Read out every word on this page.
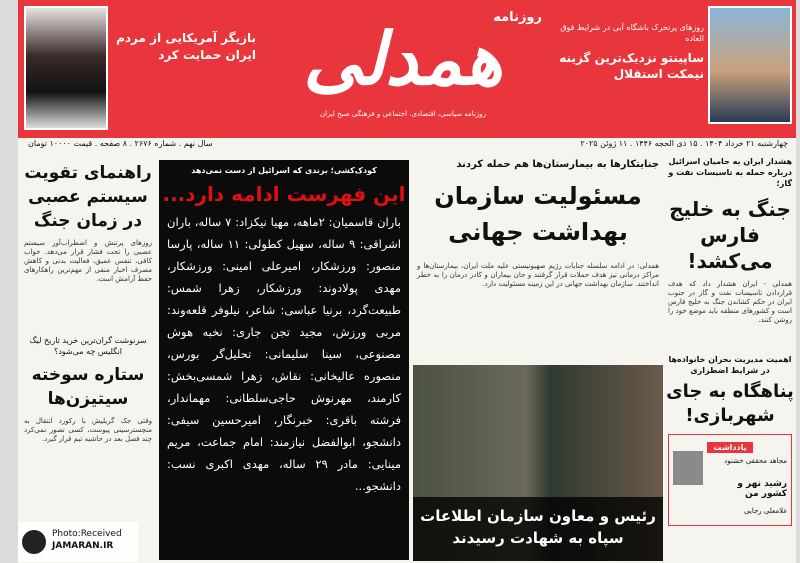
روزهای پرتحرک باشگاه آبی در شرایط فوق العاده
ساپینتو نزدیک‌ترین گزینه نیمکت استقلال
روزنامه
همدلی
روزنامه سیاسی، اقتصادی، اجتماعی و فرهنگی صبح ایران
بازیگر آمریکایی از مردم ایران حمایت کرد
چهارشنبه ۲۱ خرداد ۱۴۰۴ . ۱۵ ذی الحجه ۱۴۴۶ . ۱۱ ژوئن ۲۰۲۵
سال نهم . شماره ۲۶۷۶ . ۸ صفحه . قیمت ۱۰۰۰۰ تومان
هشدار ایران به حامیان اسرائیل درباره حمله به تاسیسات نفت و گاز؛
جنگ به خلیج فارس می‌کشد!
همدلی - ایران هشدار داد که هدف قراردادن تاسیسات نفت و گاز در جنوب ایران در حکم کشاندن جنگ به خلیج فارس است و کشورهای منطقه باید موضع خود را روشن کنند.
اهمیت مدیریت بحران خانواده‌ها در شرایط اضطراری
پناهگاه به جای شهربازی!
یادداشت
مجاهد محققی خشنود
رشید نهر و کشور من
غلامعلی رجایی
جنایتکارها به بیمارستان‌ها هم حمله کردند
مسئولیت سازمان بهداشت جهانی
همدلی: در ادامه سلسله جنایات رژیم صهیونیستی علیه ملت ایران، بیمارستان‌ها و مراکز درمانی نیز هدف حملات قرار گرفتند و جان بیماران و کادر درمان را به خطر انداختند. سازمان بهداشت جهانی در این زمینه مسئولیت دارد.
رئیس و معاون سازمان اطلاعات سپاه به شهادت رسیدند
کودک‌کشی؛ برندی که اسرائیل از دست نمی‌دهد
این فهرست ادامه دارد...
باران قاسمیان: ۲ماهه، مهیا نیکزاد: ۷ ساله، باران اشراقی: ۹ ساله، سهیل کطولی: ۱۱ ساله، پارسا منصور: ورزشکار، امیرعلی امینی: ورزشکار، مهدی پولادوند: ورزشکار، زهرا شمس: طبیعت‌گرد، برنیا عباسی: شاعر، نیلوفر قلعه‌وند: مربی ورزش، مجید تجن جاری: نخبه هوش مصنوعی، سینا سلیمانی: تحلیل‌گر بورس، منصوره عالیخانی: نقاش، زهرا شمسی‌بخش: کارمند، مهرنوش حاجی‌سلطانی: مهماندار، فرشته باقری: خبرنگار، امیرحسین سیفی: دانشجو، ابوالفضل نیازمند: امام جماعت، مریم مینایی: مادر ۲۹ ساله، مهدی اکبری نسب: دانشجو...
راهنمای تقویت سیستم عصبی در زمان جنگ
روزهای پرتنش و اضطراب‌آور سیستم عصبی را تحت فشار قرار می‌دهد. خواب کافی، تنفس عمیق، فعالیت بدنی و کاهش مصرف اخبار منفی از مهم‌ترین راهکارهای حفظ آرامش است.
سرنوشت گران‌ترین خرید تاریخ لیگ انگلیس چه می‌شود؟
ستاره سوخته سیتیزن‌ها
وقتی جک گریلیش با رکورد انتقال به منچسترسیتی پیوست، کسی تصور نمی‌کرد چند فصل بعد در حاشیه تیم قرار گیرد.
Photo:Received
JAMARAN.IR
